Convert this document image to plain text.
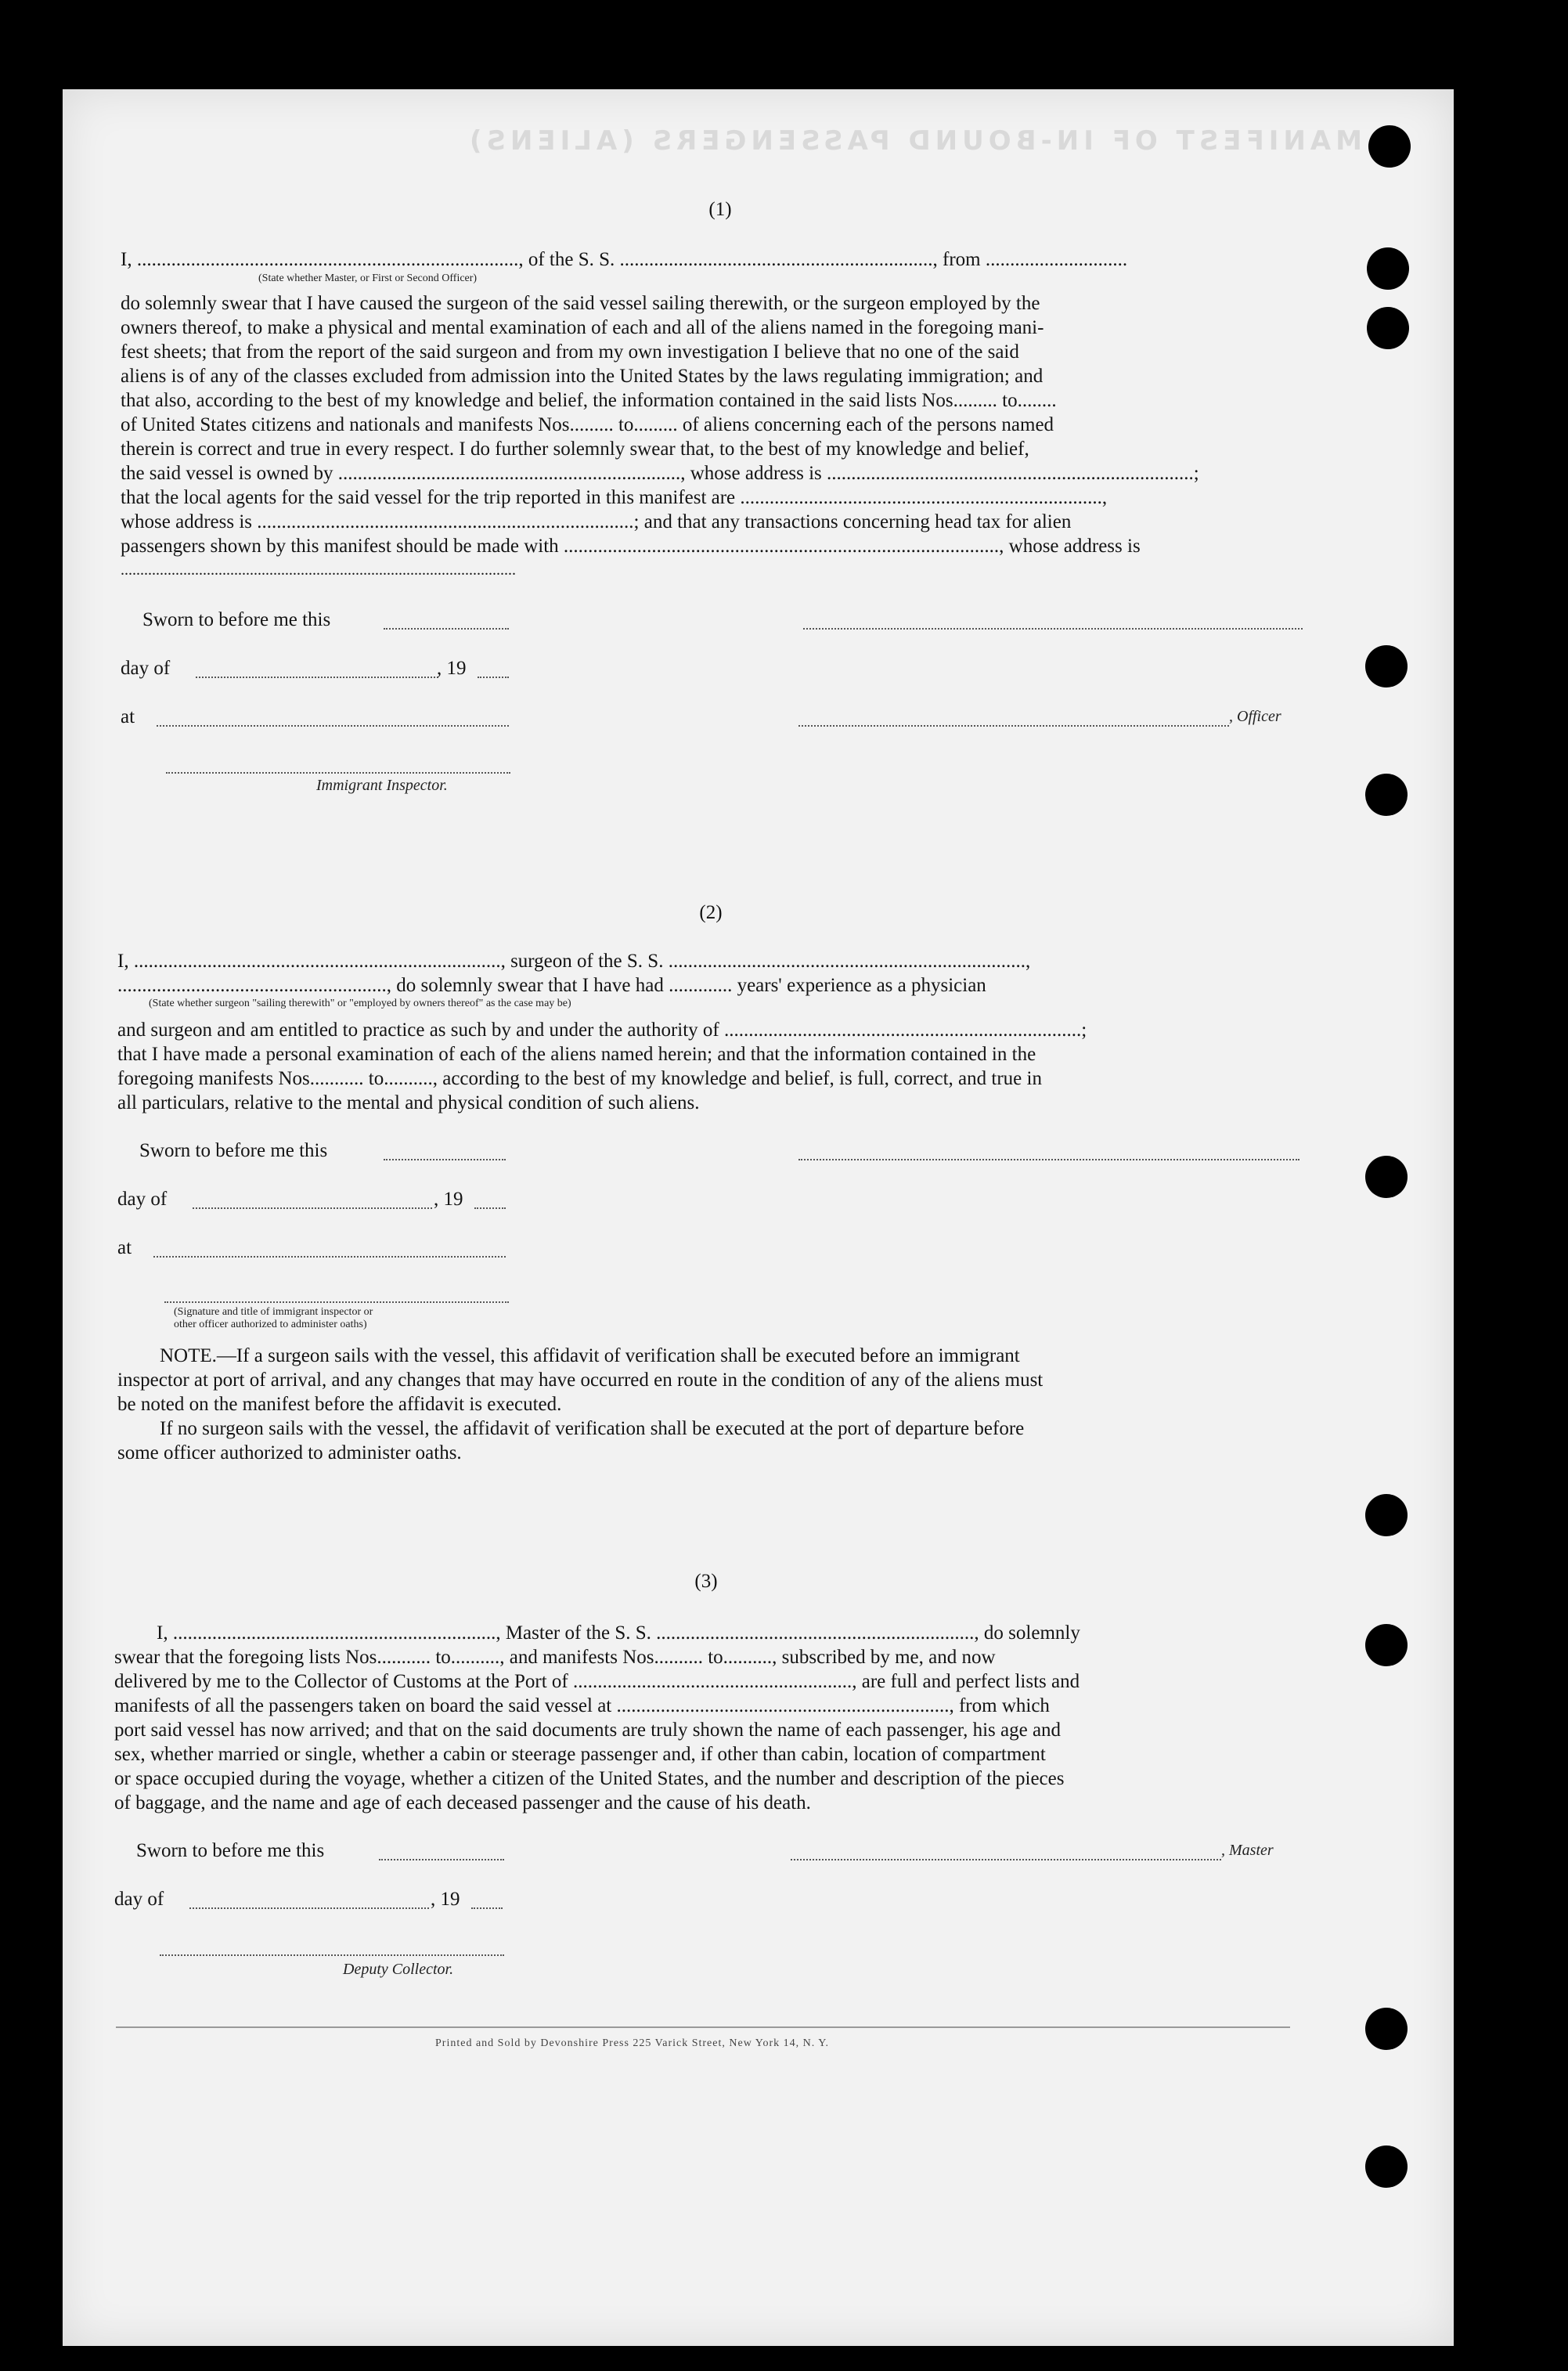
MANIFEST OF IN-BOUND PASSENGERS (ALIENS)
(1)
I, .............................................................................., of the S. S. ................................................................, from .............................
(State whether Master, or First or Second Officer)
do solemnly swear that I have caused the surgeon of the said vessel sailing therewith, or the surgeon employed by the
owners thereof, to make a physical and mental examination of each and all of the aliens named in the foregoing mani-
fest sheets; that from the report of the said surgeon and from my own investigation I believe that no one of the said
aliens is of any of the classes excluded from admission into the United States by the laws regulating immigration; and
that also, according to the best of my knowledge and belief, the information contained in the said lists Nos......... to........
of United States citizens and nationals and manifests Nos......... to......... of aliens concerning each of the persons named
therein is correct and true in every respect. I do further solemnly swear that, to the best of my knowledge and belief,
the said vessel is owned by ......................................................................, whose address is ...........................................................................;
that the local agents for the said vessel for the trip reported in this manifest are ..........................................................................,
whose address is .............................................................................; and that any transactions concerning head tax for alien
passengers shown by this manifest should be made with ........................................................................................., whose address is
.....................................................................................................
Sworn to before me this
day of	, 19
at	, Officer
Immigrant Inspector.
(2)
I, ..........................................................................., surgeon of the S. S. .........................................................................,
......................................................., do solemnly swear that I have had ............. years' experience as a physician
(State whether surgeon "sailing therewith" or "employed by owners thereof" as the case may be)
and surgeon and am entitled to practice as such by and under the authority of .........................................................................;
that I have made a personal examination of each of the aliens named herein; and that the information contained in the
foregoing manifests Nos........... to.........., according to the best of my knowledge and belief, is full, correct, and true in
all particulars, relative to the mental and physical condition of such aliens.
Sworn to before me this
day of	, 19
at
(Signature and title of immigrant inspector or
other officer authorized to administer oaths)
NOTE.—If a surgeon sails with the vessel, this affidavit of verification shall be executed before an immigrant
inspector at port of arrival, and any changes that may have occurred en route in the condition of any of the aliens must
be noted on the manifest before the affidavit is executed.
If no surgeon sails with the vessel, the affidavit of verification shall be executed at the port of departure before
some officer authorized to administer oaths.
(3)
I, .................................................................., Master of the S. S. ................................................................., do solemnly
swear that the foregoing lists Nos........... to.........., and manifests Nos.......... to.........., subscribed by me, and now
delivered by me to the Collector of Customs at the Port of ........................................................., are full and perfect lists and
manifests of all the passengers taken on board the said vessel at ...................................................................., from which
port said vessel has now arrived; and that on the said documents are truly shown the name of each passenger, his age and
sex, whether married or single, whether a cabin or steerage passenger and, if other than cabin, location of compartment
or space occupied during the voyage, whether a citizen of the United States, and the number and description of the pieces
of baggage, and the name and age of each deceased passenger and the cause of his death.
Sworn to before me this	, Master
day of	, 19
Deputy Collector.
Printed and Sold by Devonshire Press 225 Varick Street, New York 14, N. Y.
